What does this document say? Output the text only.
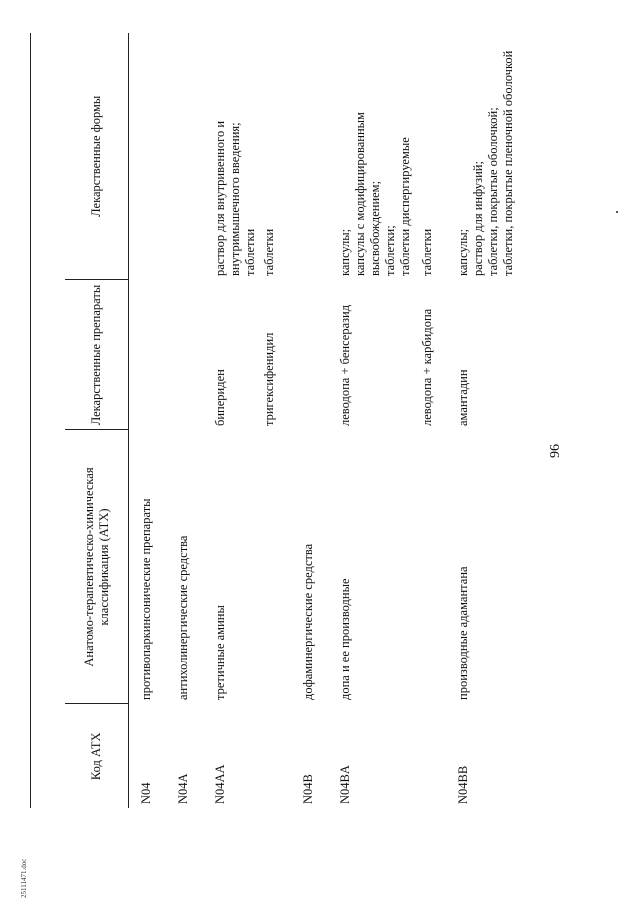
96
Код АТХ	Анатомо-терапевтическо-химическая классификация (АТХ)	Лекарственные препараты	Лекарственные формы
N04	противопаркинсонические препараты		
N04A	антихолинергические средства		
N04AA	третичные амины	бипериден	раствор для внутривенного и внутримышечного введения; таблетки

		тригексифенидил	таблетки

N04B	дофаминергические средства		
N04BA	допа и ее производные	леводопа + бенсеразид	капсулы; капсулы с модифицированным высвобождением; таблетки; таблетки диспергируемые

		леводопа + карбидопа	таблетки

N04BB	производные адамантана	амантадин	капсулы; раствор для инфузий; таблетки, покрытые оболочкой; таблетки, покрытые пленочной оболочкой
25111471.doc
